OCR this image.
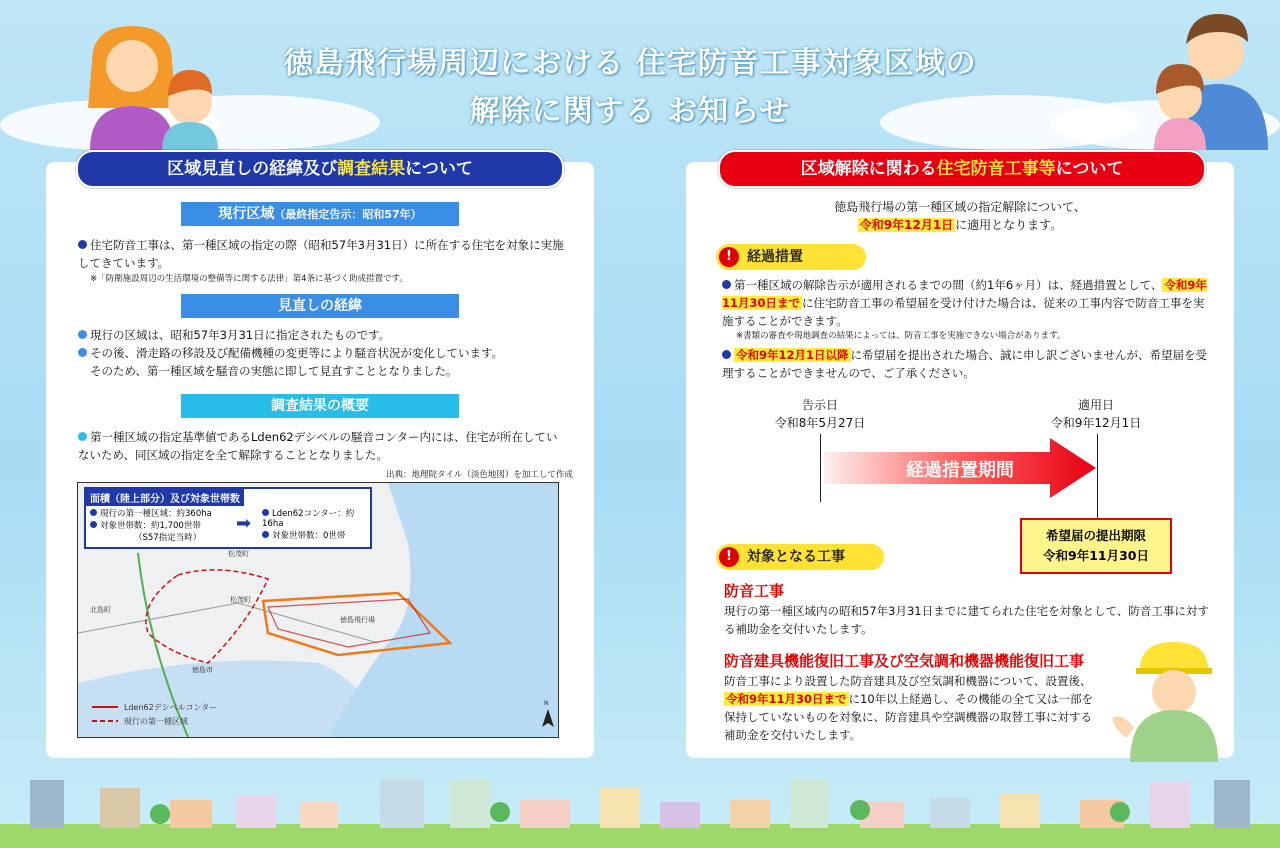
徳島飛行場周辺における 住宅防音工事対象区域の
解除に関する お知らせ
区域見直しの経緯及び調査結果について
現行区域（最終指定告示：昭和57年）
住宅防音工事は、第一種区域の指定の際（昭和57年3月31日）に所在する住宅を対象に実施してきています。
※「防衛施設周辺の生活環境の整備等に関する法律」第4条に基づく助成措置です。
見直しの経緯
現行の区域は、昭和57年3月31日に指定されたものです。
その後、滑走路の移設及び配備機種の変更等により騒音状況が変化しています。
そのため、第一種区域を騒音の実態に即して見直すこととなりました。
調査結果の概要
第一種区域の指定基準値であるLden62デシベルの騒音コンター内には、住宅が所在していないため、同区域の指定を全て解除することとなりました。
出典：地理院タイル（淡色地図）を加工して作成
面積（陸上部分）及び対象世帯数
現行の第一種区域：約360ha
対象世帯数：約1,700世帯
（S57指定当時）
➡	Lden62コンター：約16ha
対象世帯数：0世帯
徳島飛行場
松茂町
北島町
徳島市
松茂町
Lden62デシベルコンター
現行の第一種区域
N
区域解除に関わる住宅防音工事等について
徳島飛行場の第一種区域の指定解除について、
令和9年12月1日 に適用となります。
! 経過措置
第一種区域の解除告示が適用されるまでの間（約1年6ヶ月）は、経過措置として、 令和9年11月30日まで に住宅防音工事の希望届を受け付けた場合は、従来の工事内容で防音工事を実施することができます。
※書類の審査や現地調査の結果によっては、防音工事を実施できない場合があります。
令和9年12月1日以降 に希望届を提出された場合、誠に申し訳ございませんが、希望届を受理することができませんので、ご了承ください。
告示日
令和8年5月27日
適用日
令和9年12月1日
経過措置期間
希望届の提出期限
令和9年11月30日
! 対象となる工事
防音工事
現行の第一種区域内の昭和57年3月31日までに建てられた住宅を対象として、防音工事に対する補助金を交付いたします。
防音建具機能復旧工事及び空気調和機器機能復旧工事
防音工事により設置した防音建具及び空気調和機器について、設置後、令和9年11月30日まで に10年以上経過し、その機能の全て又は一部を保持していないものを対象に、防音建具や空調機器の取替工事に対する補助金を交付いたします。
